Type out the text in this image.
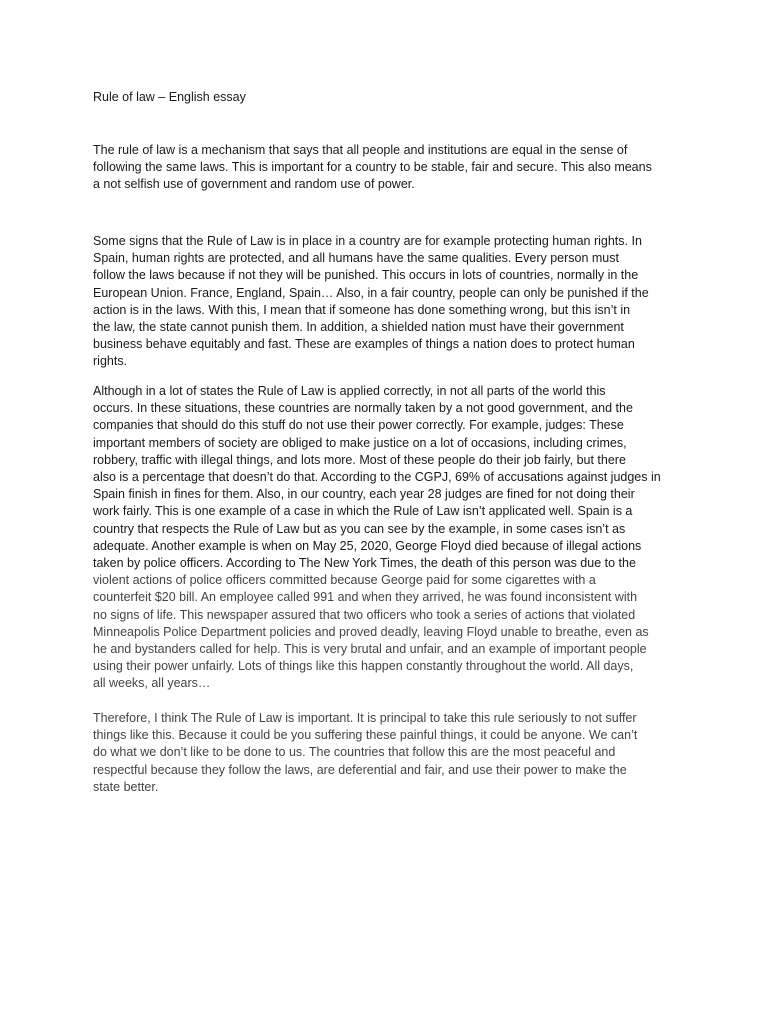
Rule of law – English essay

The rule of law is a mechanism that says that all people and institutions are equal in the sense of
following the same laws. This is important for a country to be stable, fair and secure. This also means
a not selfish use of government and random use of power.

Some signs that the Rule of Law is in place in a country are for example protecting human rights. In
Spain, human rights are protected, and all humans have the same qualities. Every person must
follow the laws because if not they will be punished. This occurs in lots of countries, normally in the
European Union. France, England, Spain… Also, in a fair country, people can only be punished if the
action is in the laws. With this, I mean that if someone has done something wrong, but this isn’t in
the law, the state cannot punish them. In addition, a shielded nation must have their government
business behave equitably and fast. These are examples of things a nation does to protect human
rights.

Although in a lot of states the Rule of Law is applied correctly, in not all parts of the world this
occurs. In these situations, these countries are normally taken by a not good government, and the
companies that should do this stuff do not use their power correctly. For example, judges: These
important members of society are obliged to make justice on a lot of occasions, including crimes,
robbery, traffic with illegal things, and lots more. Most of these people do their job fairly, but there
also is a percentage that doesn’t do that. According to the CGPJ, 69% of accusations against judges in
Spain finish in fines for them. Also, in our country, each year 28 judges are fined for not doing their
work fairly. This is one example of a case in which the Rule of Law isn’t applicated well. Spain is a
country that respects the Rule of Law but as you can see by the example, in some cases isn’t as
adequate. Another example is when on May 25, 2020, George Floyd died because of illegal actions
taken by police officers. According to The New York Times, the death of this person was due to the
violent actions of police officers committed because George paid for some cigarettes with a
counterfeit $20 bill. An employee called 991 and when they arrived, he was found inconsistent with
no signs of life. This newspaper assured that two officers who took a series of actions that violated
Minneapolis Police Department policies and proved deadly, leaving Floyd unable to breathe, even as
he and bystanders called for help. This is very brutal and unfair, and an example of important people
using their power unfairly. Lots of things like this happen constantly throughout the world. All days,
all weeks, all years…

Therefore, I think The Rule of Law is important. It is principal to take this rule seriously to not suffer
things like this. Because it could be you suffering these painful things, it could be anyone. We can’t
do what we don’t like to be done to us. The countries that follow this are the most peaceful and
respectful because they follow the laws, are deferential and fair, and use their power to make the
state better.
